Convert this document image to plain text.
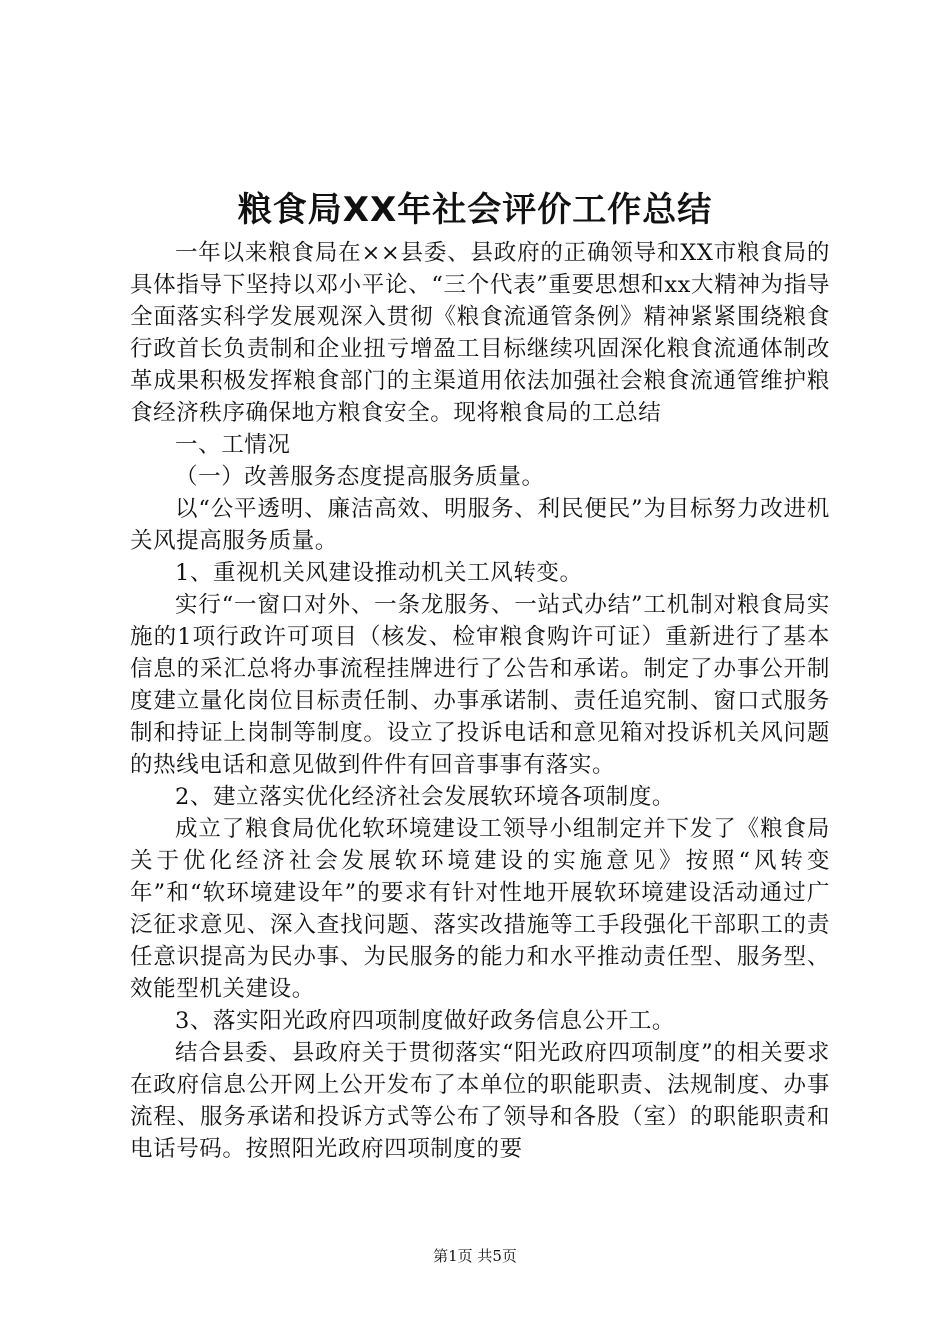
粮食局XX年社会评价工作总结

一年以来粮食局在××县委、县政府的正确领导和XX市粮食局的具体指导下坚持以邓小平论、“三个代表”重要思想和xx大精神为指导全面落实科学发展观深入贯彻《粮食流通管条例》精神紧紧围绕粮食行政首长负责制和企业扭亏增盈工目标继续巩固深化粮食流通体制改革成果积极发挥粮食部门的主渠道用依法加强社会粮食流通管维护粮食经济秩序确保地方粮食安全。现将粮食局的工总结

一、工情况

（一）改善服务态度提高服务质量。

以“公平透明、廉洁高效、明服务、利民便民”为目标努力改进机关风提高服务质量。

1、重视机关风建设推动机关工风转变。

实行“一窗口对外、一条龙服务、一站式办结”工机制对粮食局实施的1项行政许可项目（核发、检审粮食购许可证）重新进行了基本信息的采汇总将办事流程挂牌进行了公告和承诺。制定了办事公开制度建立量化岗位目标责任制、办事承诺制、责任追究制、窗口式服务制和持证上岗制等制度。设立了投诉电话和意见箱对投诉机关风问题的热线电话和意见做到件件有回音事事有落实。

2、建立落实优化经济社会发展软环境各项制度。

成立了粮食局优化软环境建设工领导小组制定并下发了《粮食局关于优化经济社会发展软环境建设的实施意见》按照“风转变年”和“软环境建设年”的要求有针对性地开展软环境建设活动通过广泛征求意见、深入查找问题、落实改措施等工手段强化干部职工的责任意识提高为民办事、为民服务的能力和水平推动责任型、服务型、效能型机关建设。

3、落实阳光政府四项制度做好政务信息公开工。

结合县委、县政府关于贯彻落实“阳光政府四项制度”的相关要求在政府信息公开网上公开发布了本单位的职能职责、法规制度、办事流程、服务承诺和投诉方式等公布了领导和各股（室）的职能职责和电话号码。按照阳光政府四项制度的要

第1页 共5页
